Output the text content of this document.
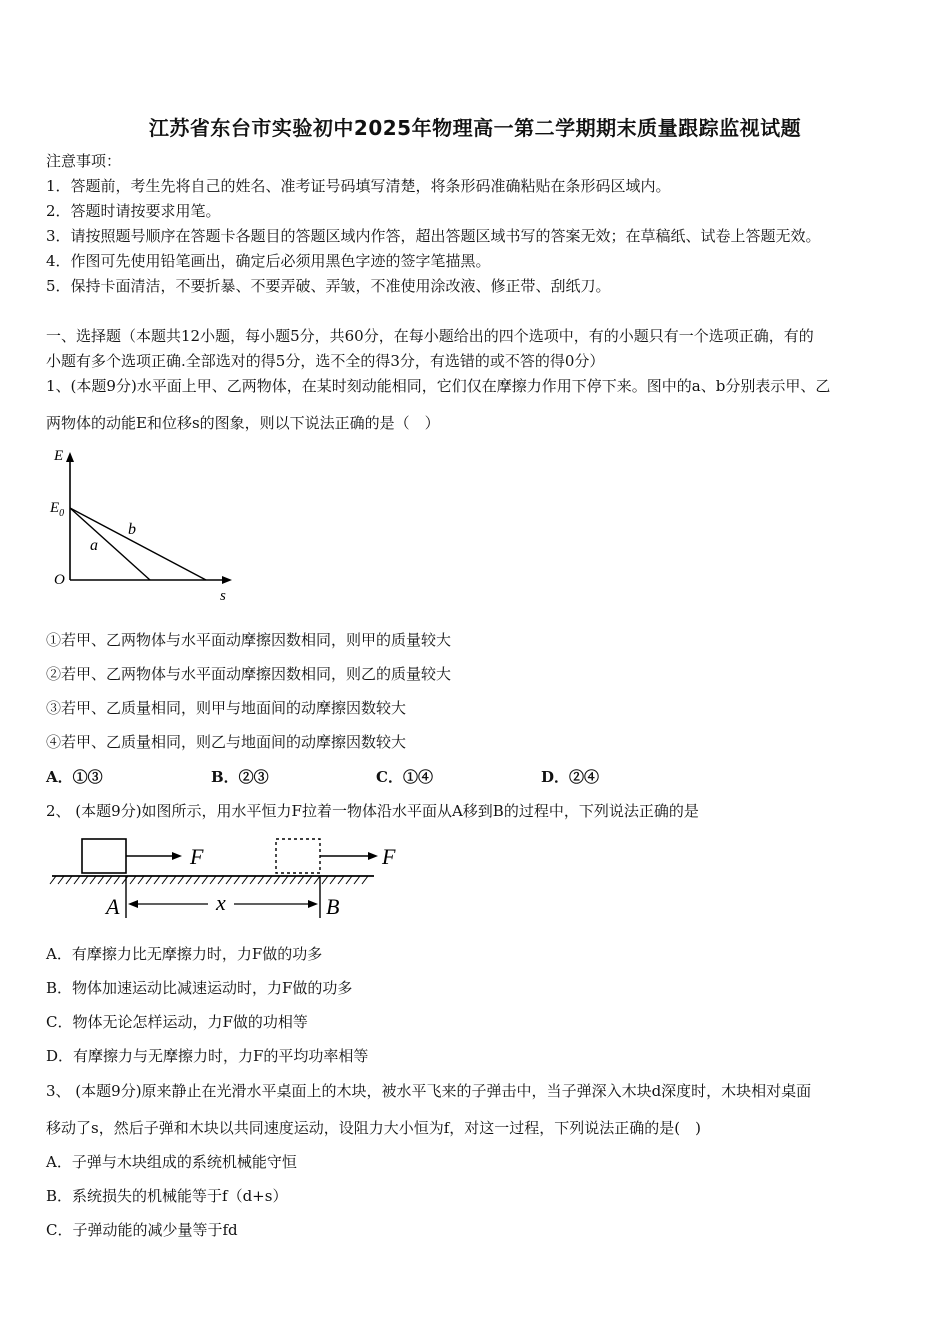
江苏省东台市实验初中2025年物理高一第二学期期末质量跟踪监视试题
注意事项：
1．答题前，考生先将自己的姓名、准考证号码填写清楚，将条形码准确粘贴在条形码区域内。
2．答题时请按要求用笔。
3．请按照题号顺序在答题卡各题目的答题区域内作答，超出答题区域书写的答案无效；在草稿纸、试卷上答题无效。
4．作图可先使用铅笔画出，确定后必须用黑色字迹的签字笔描黑。
5．保持卡面清洁，不要折暴、不要弄破、弄皱，不准使用涂改液、修正带、刮纸刀。
一、选择题（本题共12小题，每小题5分，共60分，在每小题给出的四个选项中，有的小题只有一个选项正确，有的
小题有多个选项正确.全部选对的得5分，选不全的得3分，有选错的或不答的得0分）
1、(本题9分)水平面上甲、乙两物体，在某时刻动能相同，它们仅在摩擦力作用下停下来。图中的a、b分别表示甲、乙
两物体的动能E和位移s的图象，则以下说法正确的是（　）
E
$E_0$
O
s
a
b
①若甲、乙两物体与水平面动摩擦因数相同，则甲的质量较大
②若甲、乙两物体与水平面动摩擦因数相同，则乙的质量较大
③若甲、乙质量相同，则甲与地面间的动摩擦因数较大
④若甲、乙质量相同，则乙与地面间的动摩擦因数较大
A．①③	B．②③	C．①④	D．②④
2、 (本题9分)如图所示，用水平恒力F拉着一物体沿水平面从A移到B的过程中，下列说法正确的是
F	F
A	x	B
A．有摩擦力比无摩擦力时，力F做的功多
B．物体加速运动比减速运动时，力F做的功多
C．物体无论怎样运动，力F做的功相等
D．有摩擦力与无摩擦力时，力F的平均功率相等
3、 (本题9分)原来静止在光滑水平桌面上的木块，被水平飞来的子弹击中，当子弹深入木块d深度时，木块相对桌面
移动了s，然后子弹和木块以共同速度运动，设阻力大小恒为f，对这一过程，下列说法正确的是(　)
A．子弹与木块组成的系统机械能守恒
B．系统损失的机械能等于f（d+s）
C．子弹动能的减少量等于fd
